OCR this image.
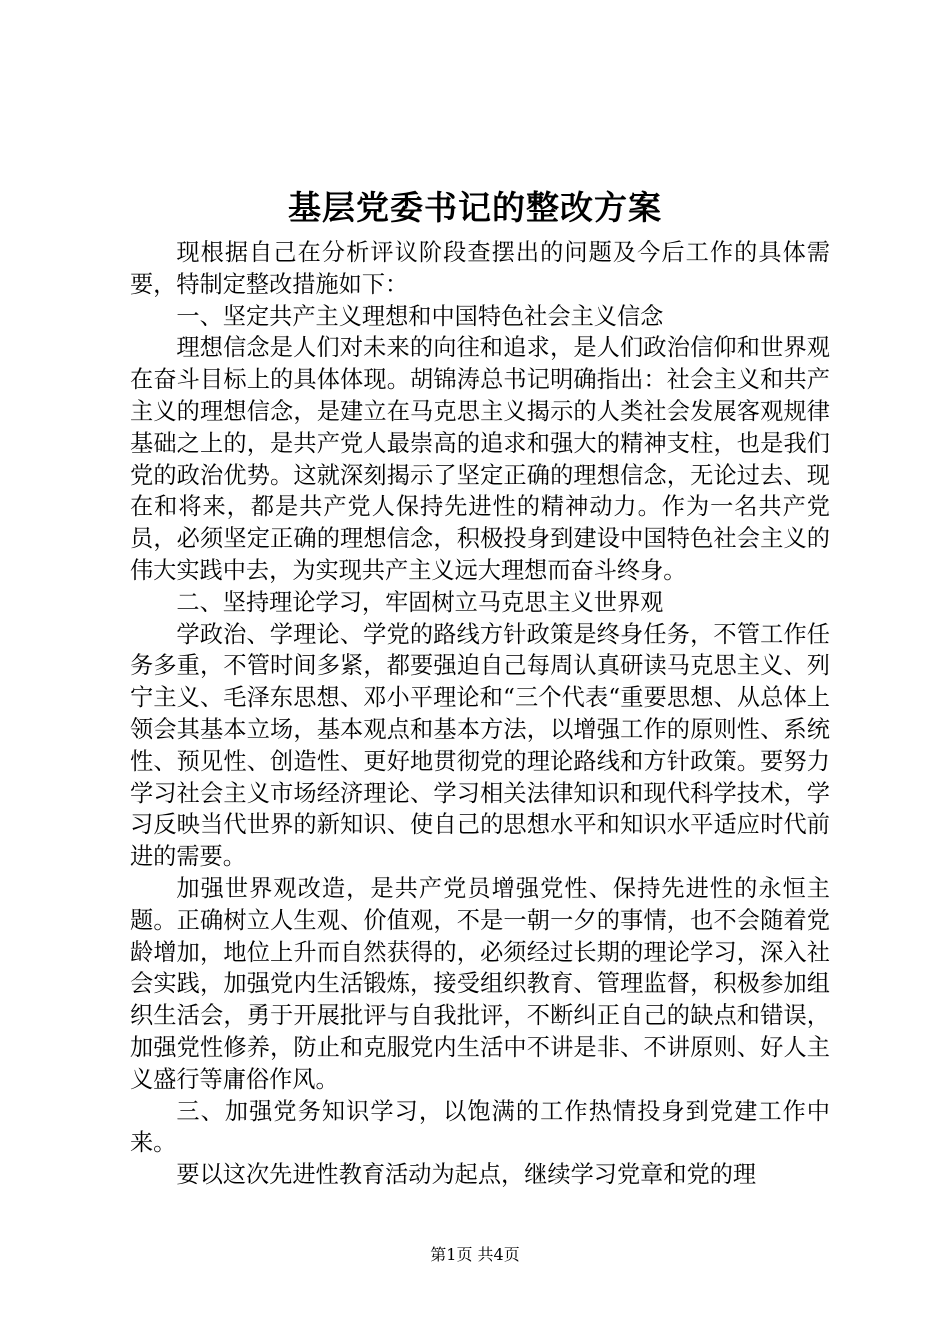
基层党委书记的整改方案

现根据自己在分析评议阶段查摆出的问题及今后工作的具体需要，特制定整改措施如下：

一、坚定共产主义理想和中国特色社会主义信念

理想信念是人们对未来的向往和追求，是人们政治信仰和世界观在奋斗目标上的具体体现。胡锦涛总书记明确指出：社会主义和共产主义的理想信念，是建立在马克思主义揭示的人类社会发展客观规律基础之上的，是共产党人最崇高的追求和强大的精神支柱，也是我们党的政治优势。这就深刻揭示了坚定正确的理想信念，无论过去、现在和将来，都是共产党人保持先进性的精神动力。作为一名共产党员，必须坚定正确的理想信念，积极投身到建设中国特色社会主义的伟大实践中去，为实现共产主义远大理想而奋斗终身。

二、坚持理论学习，牢固树立马克思主义世界观

学政治、学理论、学党的路线方针政策是终身任务，不管工作任务多重，不管时间多紧，都要强迫自己每周认真研读马克思主义、列宁主义、毛泽东思想、邓小平理论和“三个代表“重要思想、从总体上领会其基本立场，基本观点和基本方法，以增强工作的原则性、系统性、预见性、创造性、更好地贯彻党的理论路线和方针政策。要努力学习社会主义市场经济理论、学习相关法律知识和现代科学技术，学习反映当代世界的新知识、使自己的思想水平和知识水平适应时代前进的需要。

加强世界观改造，是共产党员增强党性、保持先进性的永恒主题。正确树立人生观、价值观，不是一朝一夕的事情，也不会随着党龄增加，地位上升而自然获得的，必须经过长期的理论学习，深入社会实践，加强党内生活锻炼，接受组织教育、管理监督，积极参加组织生活会，勇于开展批评与自我批评，不断纠正自己的缺点和错误，加强党性修养，防止和克服党内生活中不讲是非、不讲原则、好人主义盛行等庸俗作风。

三、加强党务知识学习，以饱满的工作热情投身到党建工作中来。

要以这次先进性教育活动为起点，继续学习党章和党的理

第1页 共4页
